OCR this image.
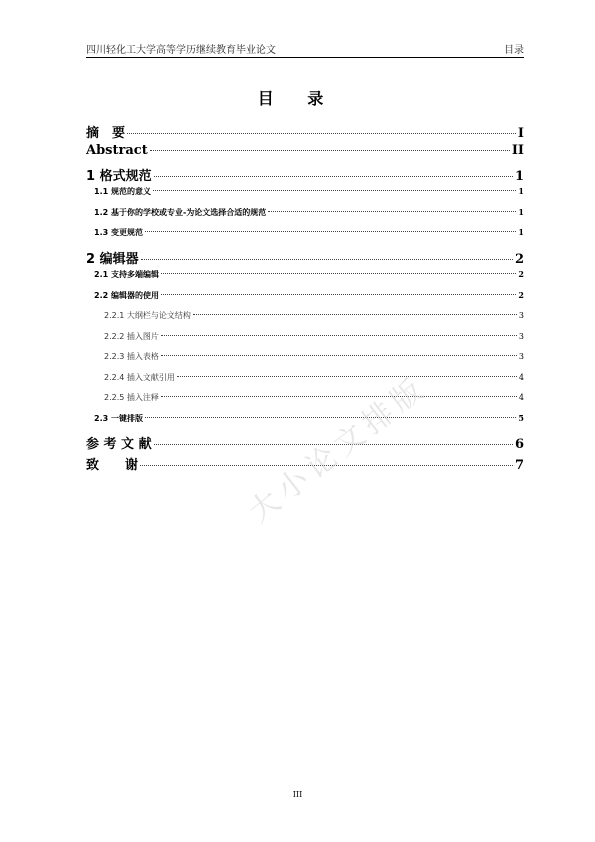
四川轻化工大学高等学历继续教育毕业论文	目录
目 录
摘　要	I
Abstract	II
1 格式规范	1
1.1 规范的意义	1
1.2 基于你的学校或专业-为论文选择合适的规范	1
1.3 变更规范	1
2 编辑器	2
2.1 支持多端编辑	2
2.2 编辑器的使用	2
2.2.1 大纲栏与论文结构	3
2.2.2 插入图片	3
2.2.3 插入表格	3
2.2.4 插入文献引用	4
2.2.5 插入注释	4
2.3 一键排版	5
参 考 文 献	6
致　　谢	7
III
大小论文排版
